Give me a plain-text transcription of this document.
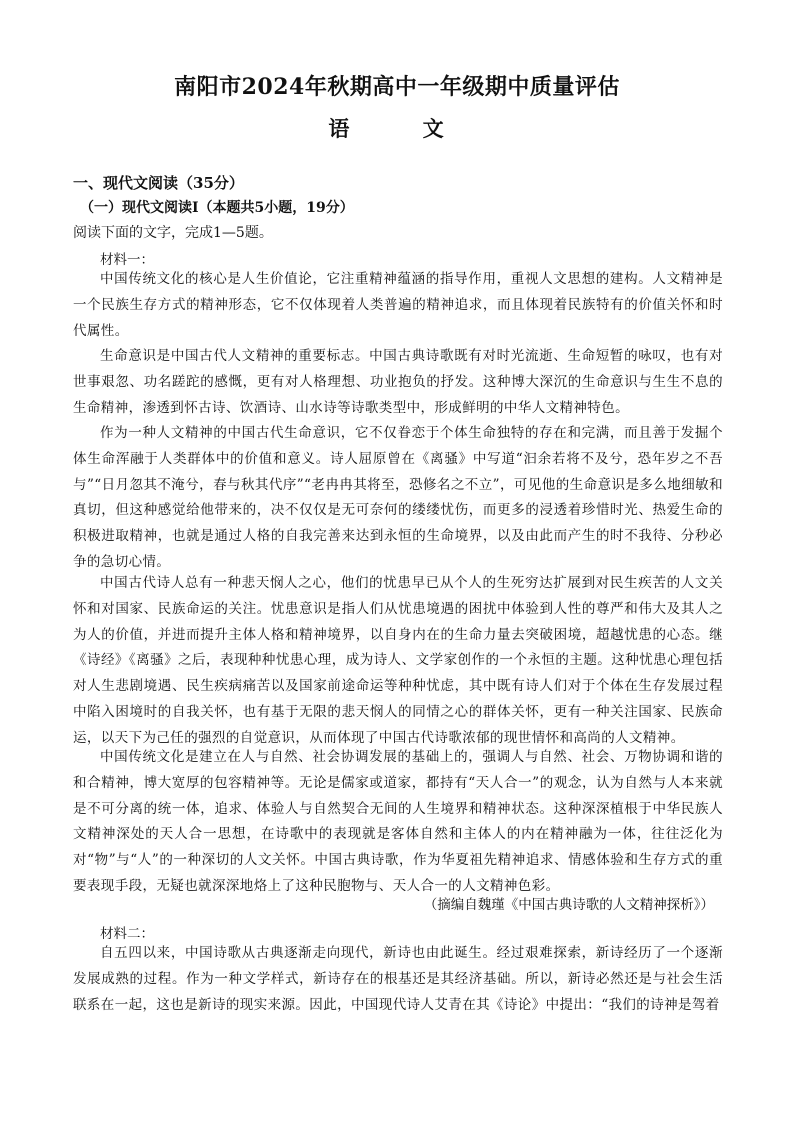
南阳市2024年秋期高中一年级期中质量评估
语 文
一、现代文阅读（35分）
（一）现代文阅读Ⅰ（本题共5小题，19分）
阅读下面的文字，完成1—5题。
材料一：

中国传统文化的核心是人生价值论，它注重精神蕴涵的指导作用，重视人文思想的建构。人文精神是一个民族生存方式的精神形态，它不仅体现着人类普遍的精神追求，而且体现着民族特有的价值关怀和时代属性。

生命意识是中国古代人文精神的重要标志。中国古典诗歌既有对时光流逝、生命短暂的咏叹，也有对世事艰忽、功名蹉跎的感慨，更有对人格理想、功业抱负的抒发。这种博大深沉的生命意识与生生不息的生命精神，渗透到怀古诗、饮酒诗、山水诗等诗歌类型中，形成鲜明的中华人文精神特色。

作为一种人文精神的中国古代生命意识，它不仅眷恋于个体生命独特的存在和完满，而且善于发掘个体生命浑融于人类群体中的价值和意义。诗人屈原曾在《离骚》中写道“汩余若将不及兮，恐年岁之不吾与”“日月忽其不淹兮，春与秋其代序”“老冉冉其将至，恐修名之不立”，可见他的生命意识是多么地细敏和真切，但这种感觉给他带来的，决不仅仅是无可奈何的缕缕忧伤，而更多的浸透着珍惜时光、热爱生命的积极进取精神，也就是通过人格的自我完善来达到永恒的生命境界，以及由此而产生的时不我待、分秒必争的急切心情。

中国古代诗人总有一种悲天悯人之心，他们的忧患早已从个人的生死穷达扩展到对民生疾苦的人文关怀和对国家、民族命运的关注。忧患意识是指人们从忧患境遇的困扰中体验到人性的尊严和伟大及其人之为人的价值，并进而提升主体人格和精神境界，以自身内在的生命力量去突破困境，超越忧患的心态。继《诗经》《离骚》之后，表现种种忧患心理，成为诗人、文学家创作的一个永恒的主题。这种忧患心理包括对人生悲剧境遇、民生疾病痛苦以及国家前途命运等种种忧虑，其中既有诗人们对于个体在生存发展过程中陷入困境时的自我关怀，也有基于无限的悲天悯人的同情之心的群体关怀，更有一种关注国家、民族命运，以天下为己任的强烈的自觉意识，从而体现了中国古代诗歌浓郁的现世情怀和高尚的人文精神。

中国传统文化是建立在人与自然、社会协调发展的基础上的，强调人与自然、社会、万物协调和谐的和合精神，博大宽厚的包容精神等。无论是儒家或道家，都持有“天人合一”的观念，认为自然与人本来就是不可分离的统一体，追求、体验人与自然契合无间的人生境界和精神状态。这种深深植根于中华民族人文精神深处的天人合一思想，在诗歌中的表现就是客体自然和主体人的内在精神融为一体，往往泛化为对“物”与“人”的一种深切的人文关怀。中国古典诗歌，作为华夏祖先精神追求、情感体验和生存方式的重要表现手段，无疑也就深深地烙上了这种民胞物与、天人合一的人文精神色彩。

（摘编自魏瑾《中国古典诗歌的人文精神探析》）
材料二：

自五四以来，中国诗歌从古典逐渐走向现代，新诗也由此诞生。经过艰难探索，新诗经历了一个逐渐发展成熟的过程。作为一种文学样式，新诗存在的根基还是其经济基础。所以，新诗必然还是与社会生活联系在一起，这也是新诗的现实来源。因此，中国现代诗人艾青在其《诗论》中提出：“我们的诗神是驾着
